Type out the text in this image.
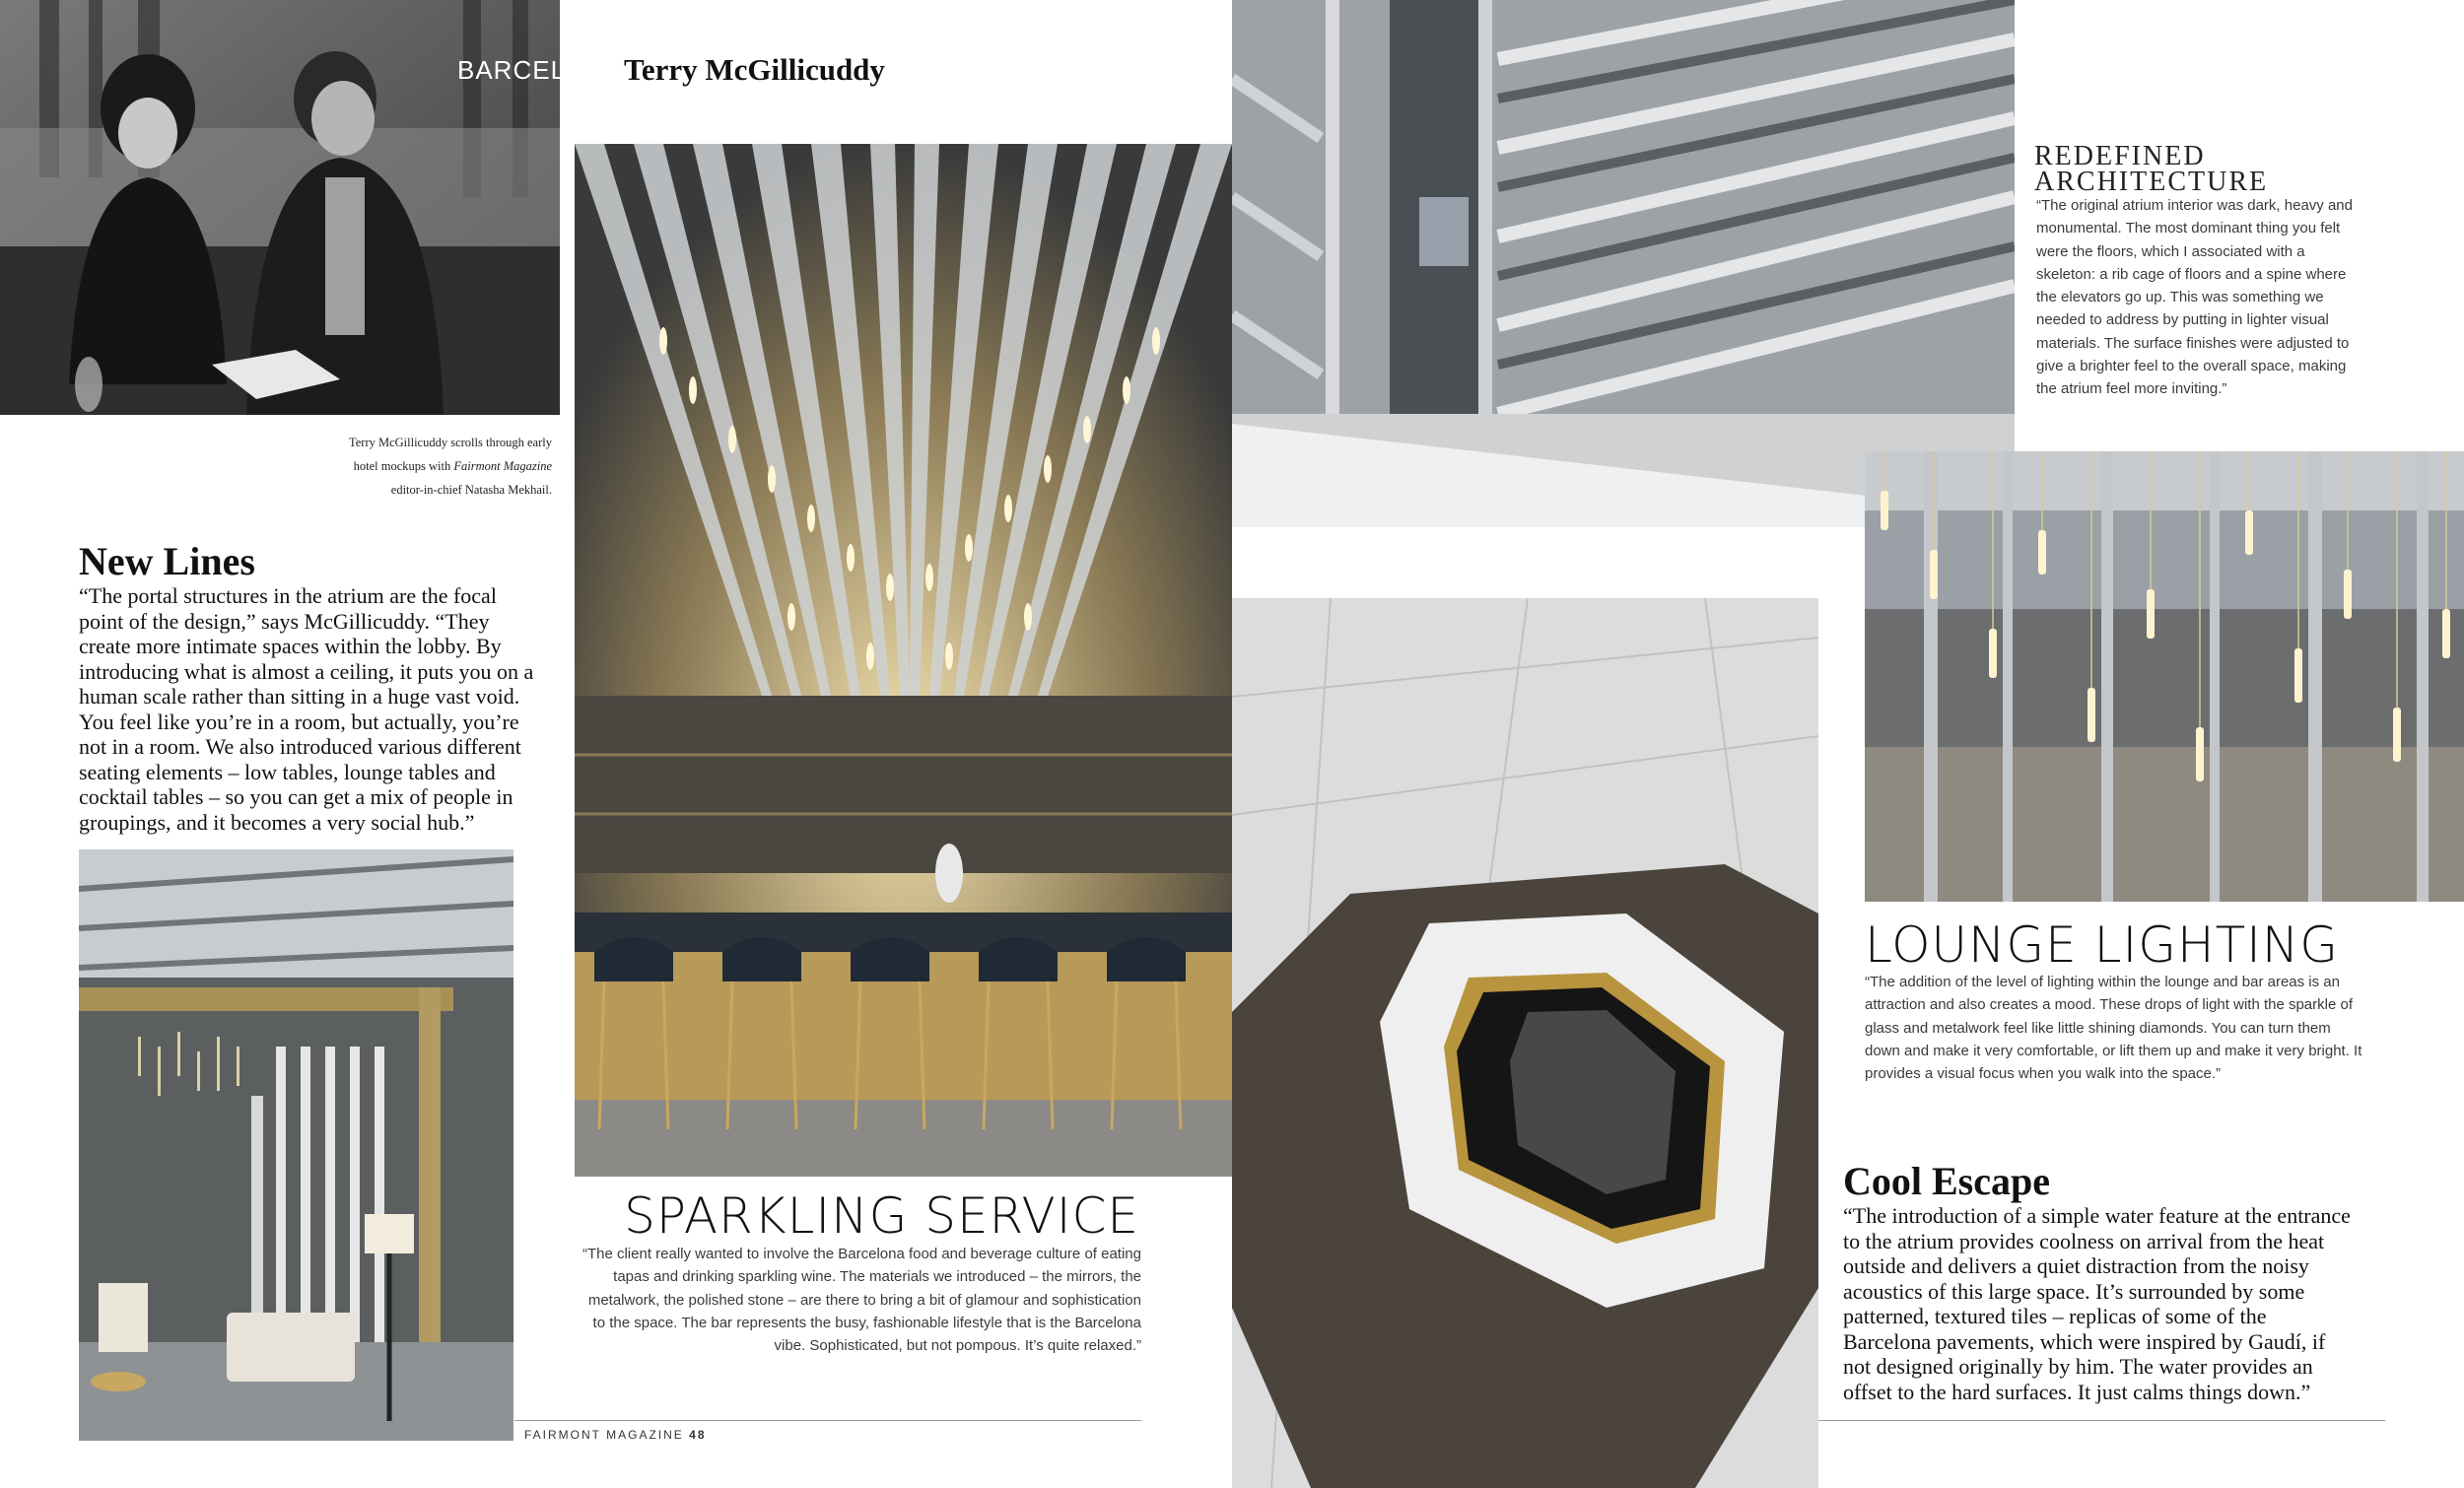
BARCELONA Terry McGillicuddy
Terry McGillicuddy scrolls through early
hotel mockups with Fairmont Magazine
editor-in-chief Natasha Mekhail.
New Lines

“The portal structures in the atrium are the focal point of the design,” says McGillicuddy. “They create more intimate spaces within the lobby. By introducing what is almost a ceiling, it puts you on a human scale rather than sitting in a huge vast void. You feel like you’re in a room, but actually, you’re not in a room. We also introduced various different seating elements – low tables, lounge tables and cocktail tables – so you can get a mix of people in groupings, and it becomes a very social hub.”

SPARKLING SERVICE

“The client really wanted to involve the Barcelona food and beverage culture of eating tapas and drinking sparkling wine. The materials we introduced – the mirrors, the metalwork, the polished stone – are there to bring a bit of glamour and sophistication to the space. The bar represents the busy, fashionable lifestyle that is the Barcelona vibe. Sophisticated, but not pompous. It’s quite relaxed.”

FAIRMONT MAGAZINE 48
REDEFINED
ARCHITECTURE

“The original atrium interior was dark, heavy and monumental. The most dominant thing you felt were the floors, which I associated with a skeleton: a rib cage of floors and a spine where the elevators go up. This was something we needed to address by putting in lighter visual materials. The surface finishes were adjusted to give a brighter feel to the overall space, making the atrium feel more inviting.”

LOUNGE LIGHTING

“The addition of the level of lighting within the lounge and bar areas is an attraction and also creates a mood. These drops of light with the sparkle of glass and metalwork feel like little shining diamonds. You can turn them down and make it very comfortable, or lift them up and make it very bright. It provides a visual focus when you walk into the space.”

Cool Escape

“The introduction of a simple water feature at the entrance to the atrium provides coolness on arrival from the heat outside and delivers a quiet distraction from the noisy acoustics of this large space. It’s surrounded by some patterned, textured tiles – replicas of some of the Barcelona pavements, which were inspired by Gaudí, if not designed originally by him. The water provides an offset to the hard surfaces. It just calms things down.”
